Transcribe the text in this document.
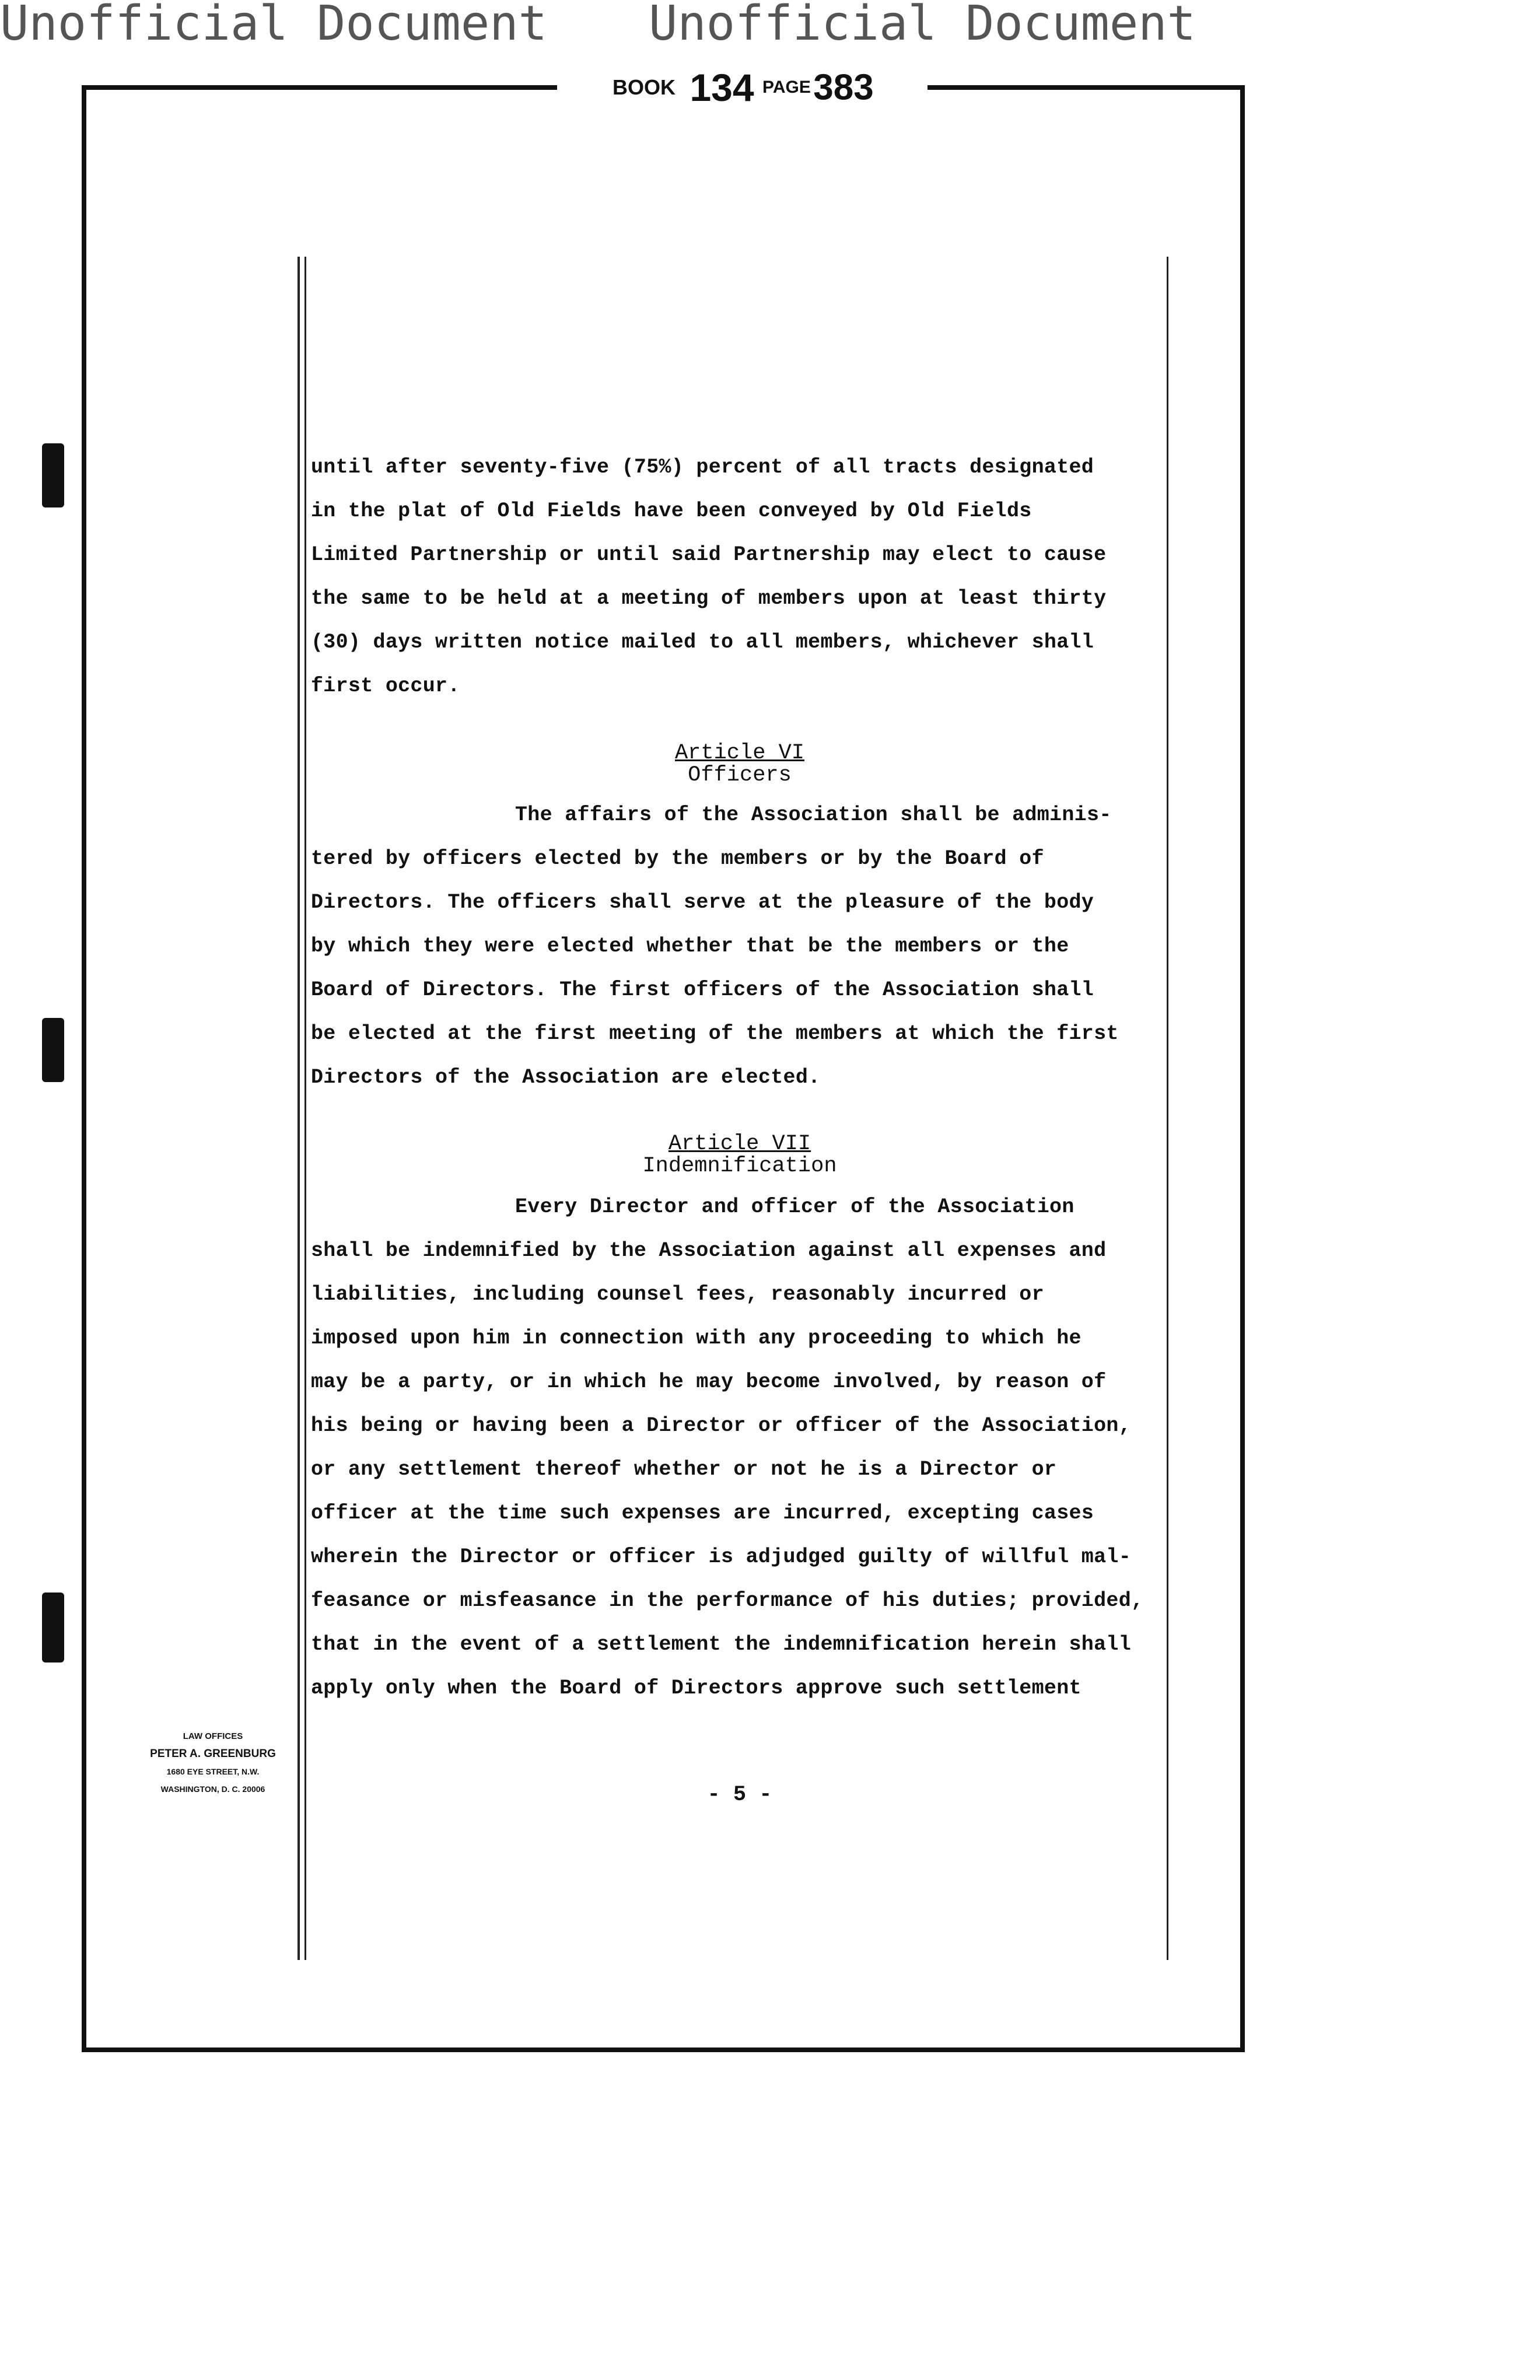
Unofficial Document Unofficial Document
BOOK 134 PAGE 383

until after seventy-five (75%) percent of all tracts designated
in the plat of Old Fields have been conveyed by Old Fields
Limited Partnership or until said Partnership may elect to cause
the same to be held at a meeting of members upon at least thirty
(30) days written notice mailed to all members, whichever shall
first occur.

Article VI
Officers

The affairs of the Association shall be adminis-
tered by officers elected by the members or by the Board of
Directors. The officers shall serve at the pleasure of the body
by which they were elected whether that be the members or the
Board of Directors. The first officers of the Association shall
be elected at the first meeting of the members at which the first
Directors of the Association are elected.

Article VII
Indemnification

Every Director and officer of the Association
shall be indemnified by the Association against all expenses and
liabilities, including counsel fees, reasonably incurred or
imposed upon him in connection with any proceeding to which he
may be a party, or in which he may become involved, by reason of
his being or having been a Director or officer of the Association,
or any settlement thereof whether or not he is a Director or
officer at the time such expenses are incurred, excepting cases
wherein the Director or officer is adjudged guilty of willful mal-
feasance or misfeasance in the performance of his duties; provided,
that in the event of a settlement the indemnification herein shall
apply only when the Board of Directors approve such settlement

LAW OFFICES
PETER A. GREENBURG
1680 EYE STREET, N.W.
WASHINGTON, D. C. 20006	- 5 -
